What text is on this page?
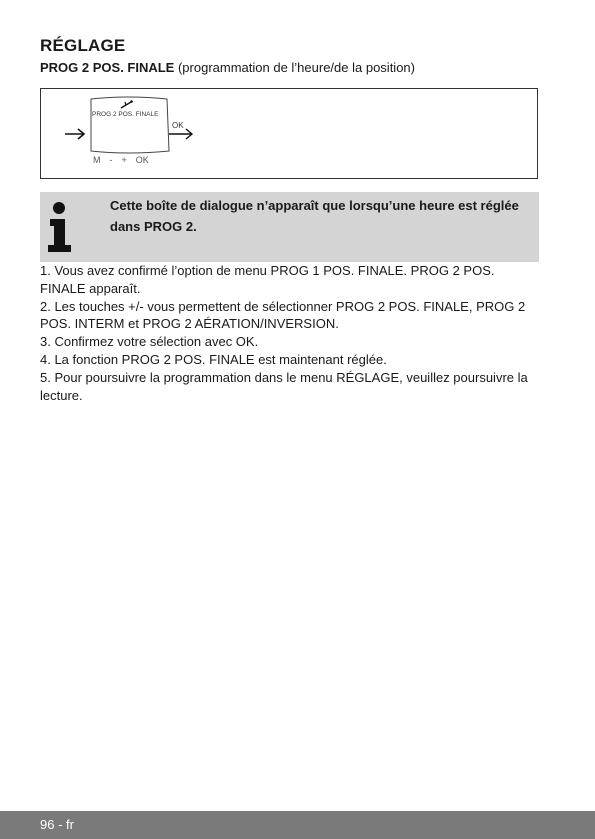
RÉGLAGE
PROG 2 POS. FINALE (programmation de l’heure/de la position)
PROG 2 POS. FINALE
OK
M  -  +  OK
Cette boîte de dialogue n’apparaît que lorsqu’une heure est réglée dans PROG 2.
1. Vous avez confirmé l’option de menu PROG 1 POS. FINALE. PROG 2 POS. FINALE apparaît.
2. Les touches +/- vous permettent de sélectionner PROG 2 POS. FINALE, PROG 2 POS. INTERM et PROG 2 AÉRATION/INVERSION.
3. Confirmez votre sélection avec OK.
4. La fonction PROG 2 POS. FINALE est maintenant réglée.
5. Pour poursuivre la programmation dans le menu RÉGLAGE, veuillez poursuivre la lecture.
96 - fr
